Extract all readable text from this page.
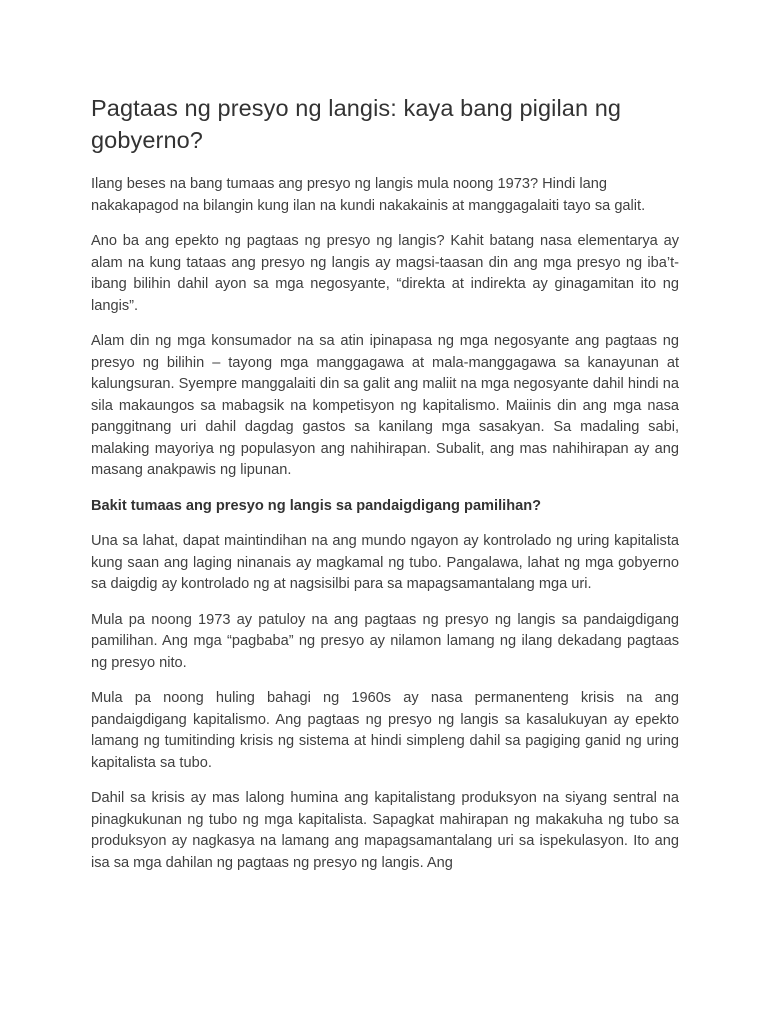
Pagtaas ng presyo ng langis: kaya bang pigilan ng gobyerno?

Ilang beses na bang tumaas ang presyo ng langis mula noong 1973? Hindi lang nakakapagod na bilangin kung ilan na kundi nakakainis at manggagalaiti tayo sa galit.

Ano ba ang epekto ng pagtaas ng presyo ng langis? Kahit batang nasa elementarya ay alam na kung tataas ang presyo ng langis ay magsi-taasan din ang mga presyo ng iba’t-ibang bilihin dahil ayon sa mga negosyante, “direkta at indirekta ay ginagamitan ito ng langis”.

Alam din ng mga konsumador na sa atin ipinapasa ng mga negosyante ang pagtaas ng presyo ng bilihin – tayong mga manggagawa at mala-manggagawa sa kanayunan at kalungsuran. Syempre manggalaiti din sa galit ang maliit na mga negosyante dahil hindi na sila makaungos sa mabagsik na kompetisyon ng kapitalismo. Maiinis din ang mga nasa panggitnang uri dahil dagdag gastos sa kanilang mga sasakyan. Sa madaling sabi, malaking mayoriya ng populasyon ang nahihirapan. Subalit, ang mas nahihirapan ay ang masang anakpawis ng lipunan.

Bakit tumaas ang presyo ng langis sa pandaigdigang pamilihan?

Una sa lahat, dapat maintindihan na ang mundo ngayon ay kontrolado ng uring kapitalista kung saan ang laging ninanais ay magkamal ng tubo. Pangalawa, lahat ng mga gobyerno sa daigdig ay kontrolado ng at nagsisilbi para sa mapagsamantalang mga uri.

Mula pa noong 1973 ay patuloy na ang pagtaas ng presyo ng langis sa pandaigdigang pamilihan. Ang mga “pagbaba” ng presyo ay nilamon lamang ng ilang dekadang pagtaas ng presyo nito.

Mula pa noong huling bahagi ng 1960s ay nasa permanenteng krisis na ang pandaigdigang kapitalismo. Ang pagtaas ng presyo ng langis sa kasalukuyan ay epekto lamang ng tumitinding krisis ng sistema at hindi simpleng dahil sa pagiging ganid ng uring kapitalista sa tubo.

Dahil sa krisis ay mas lalong humina ang kapitalistang produksyon na siyang sentral na pinagkukunan ng tubo ng mga kapitalista. Sapagkat mahirapan ng makakuha ng tubo sa produksyon ay nagkasya na lamang ang mapagsamantalang uri sa ispekulasyon. Ito ang isa sa mga dahilan ng pagtaas ng presyo ng langis. Ang
